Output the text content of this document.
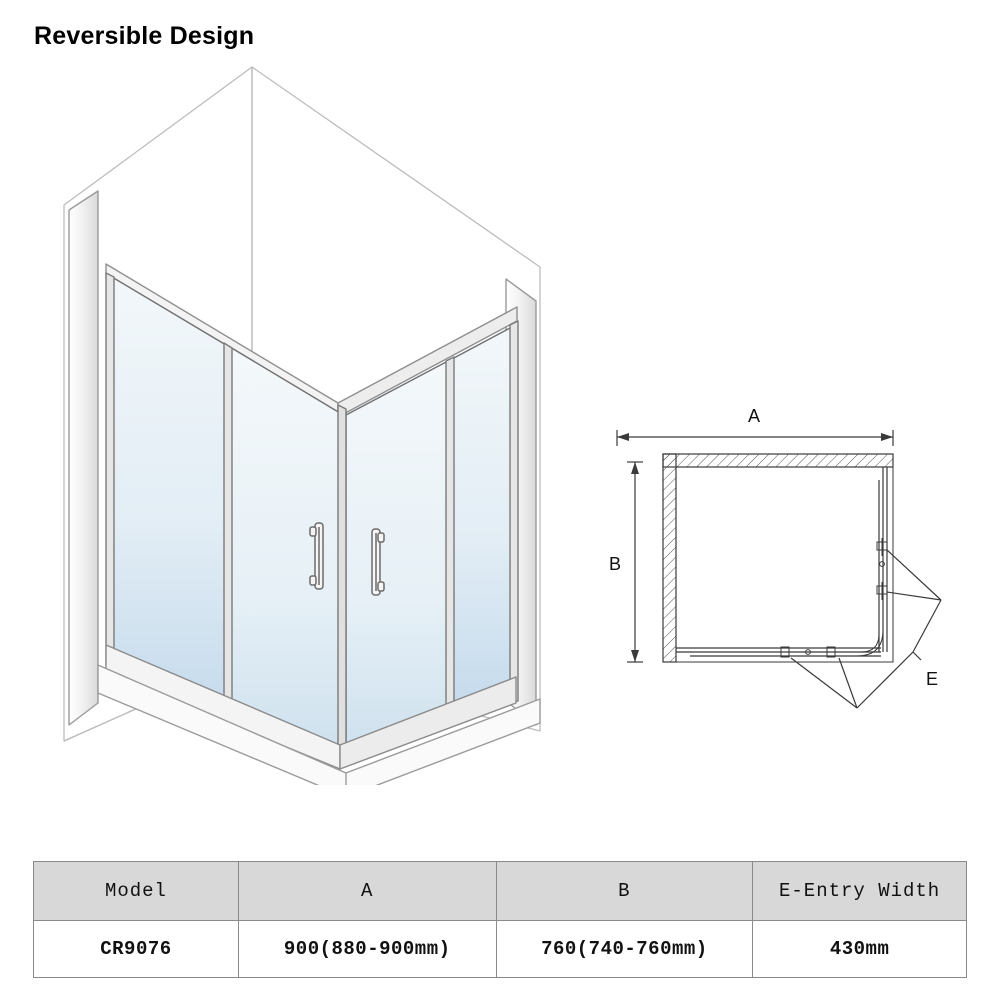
Reversible Design
A
B
E
Model	A	B	E-Entry Width
CR9076	900(880-900mm)	760(740-760mm)	430mm
